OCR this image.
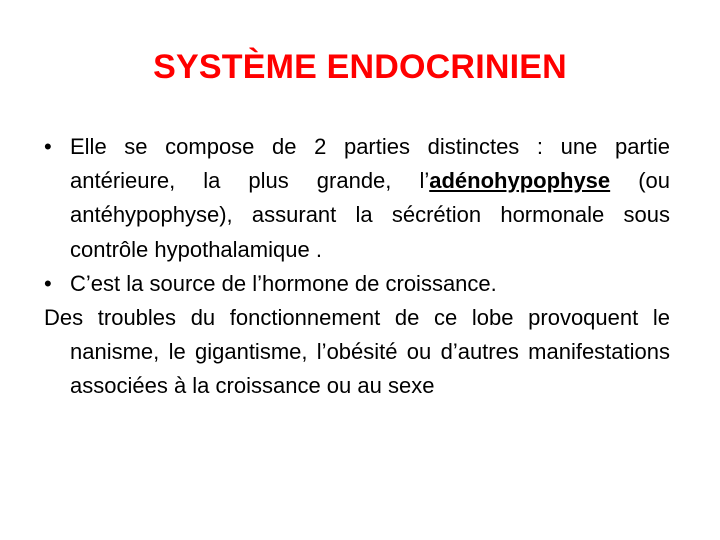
SYSTÈME ENDOCRINIEN

• Elle se compose de 2 parties distinctes : une partie antérieure, la plus grande, l’adénohypophyse (ou antéhypophyse), assurant la sécrétion hormonale sous contrôle hypothalamique .

• C’est la source de l’hormone de croissance.

Des troubles du fonctionnement de ce lobe provoquent le nanisme, le gigantisme, l’obésité ou d’autres manifestations associées à la croissance ou au sexe
